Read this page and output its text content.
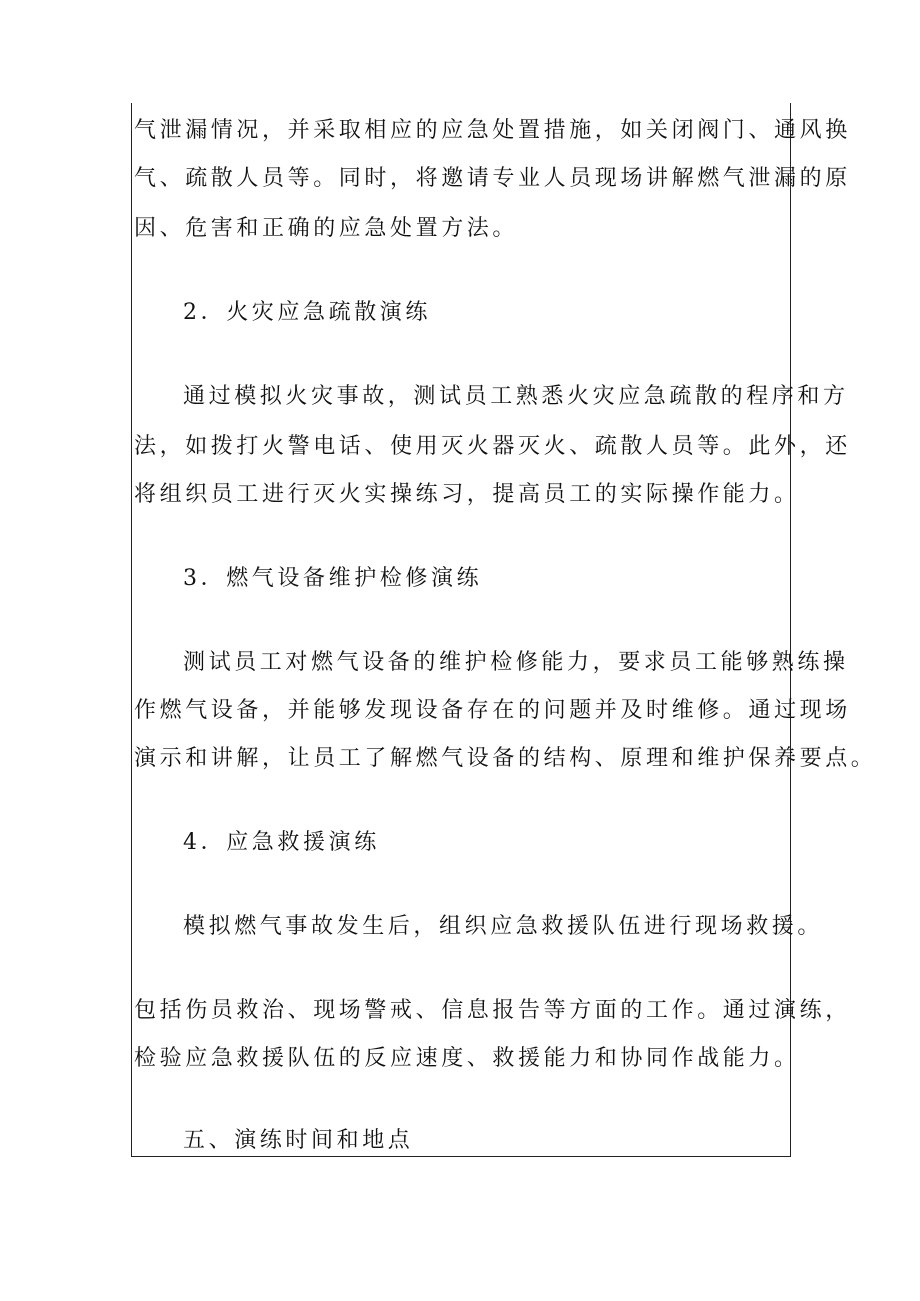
气泄漏情况，并采取相应的应急处置措施，如关闭阀门、通风换
气、疏散人员等。同时，将邀请专业人员现场讲解燃气泄漏的原
因、危害和正确的应急处置方法。
2．火灾应急疏散演练
通过模拟火灾事故，测试员工熟悉火灾应急疏散的程序和方
法，如拨打火警电话、使用灭火器灭火、疏散人员等。此外，还
将组织员工进行灭火实操练习，提高员工的实际操作能力。
3．燃气设备维护检修演练
测试员工对燃气设备的维护检修能力，要求员工能够熟练操
作燃气设备，并能够发现设备存在的问题并及时维修。通过现场
演示和讲解，让员工了解燃气设备的结构、原理和维护保养要点。
4．应急救援演练
模拟燃气事故发生后，组织应急救援队伍进行现场救援。
包括伤员救治、现场警戒、信息报告等方面的工作。通过演练，
检验应急救援队伍的反应速度、救援能力和协同作战能力。
五、演练时间和地点
